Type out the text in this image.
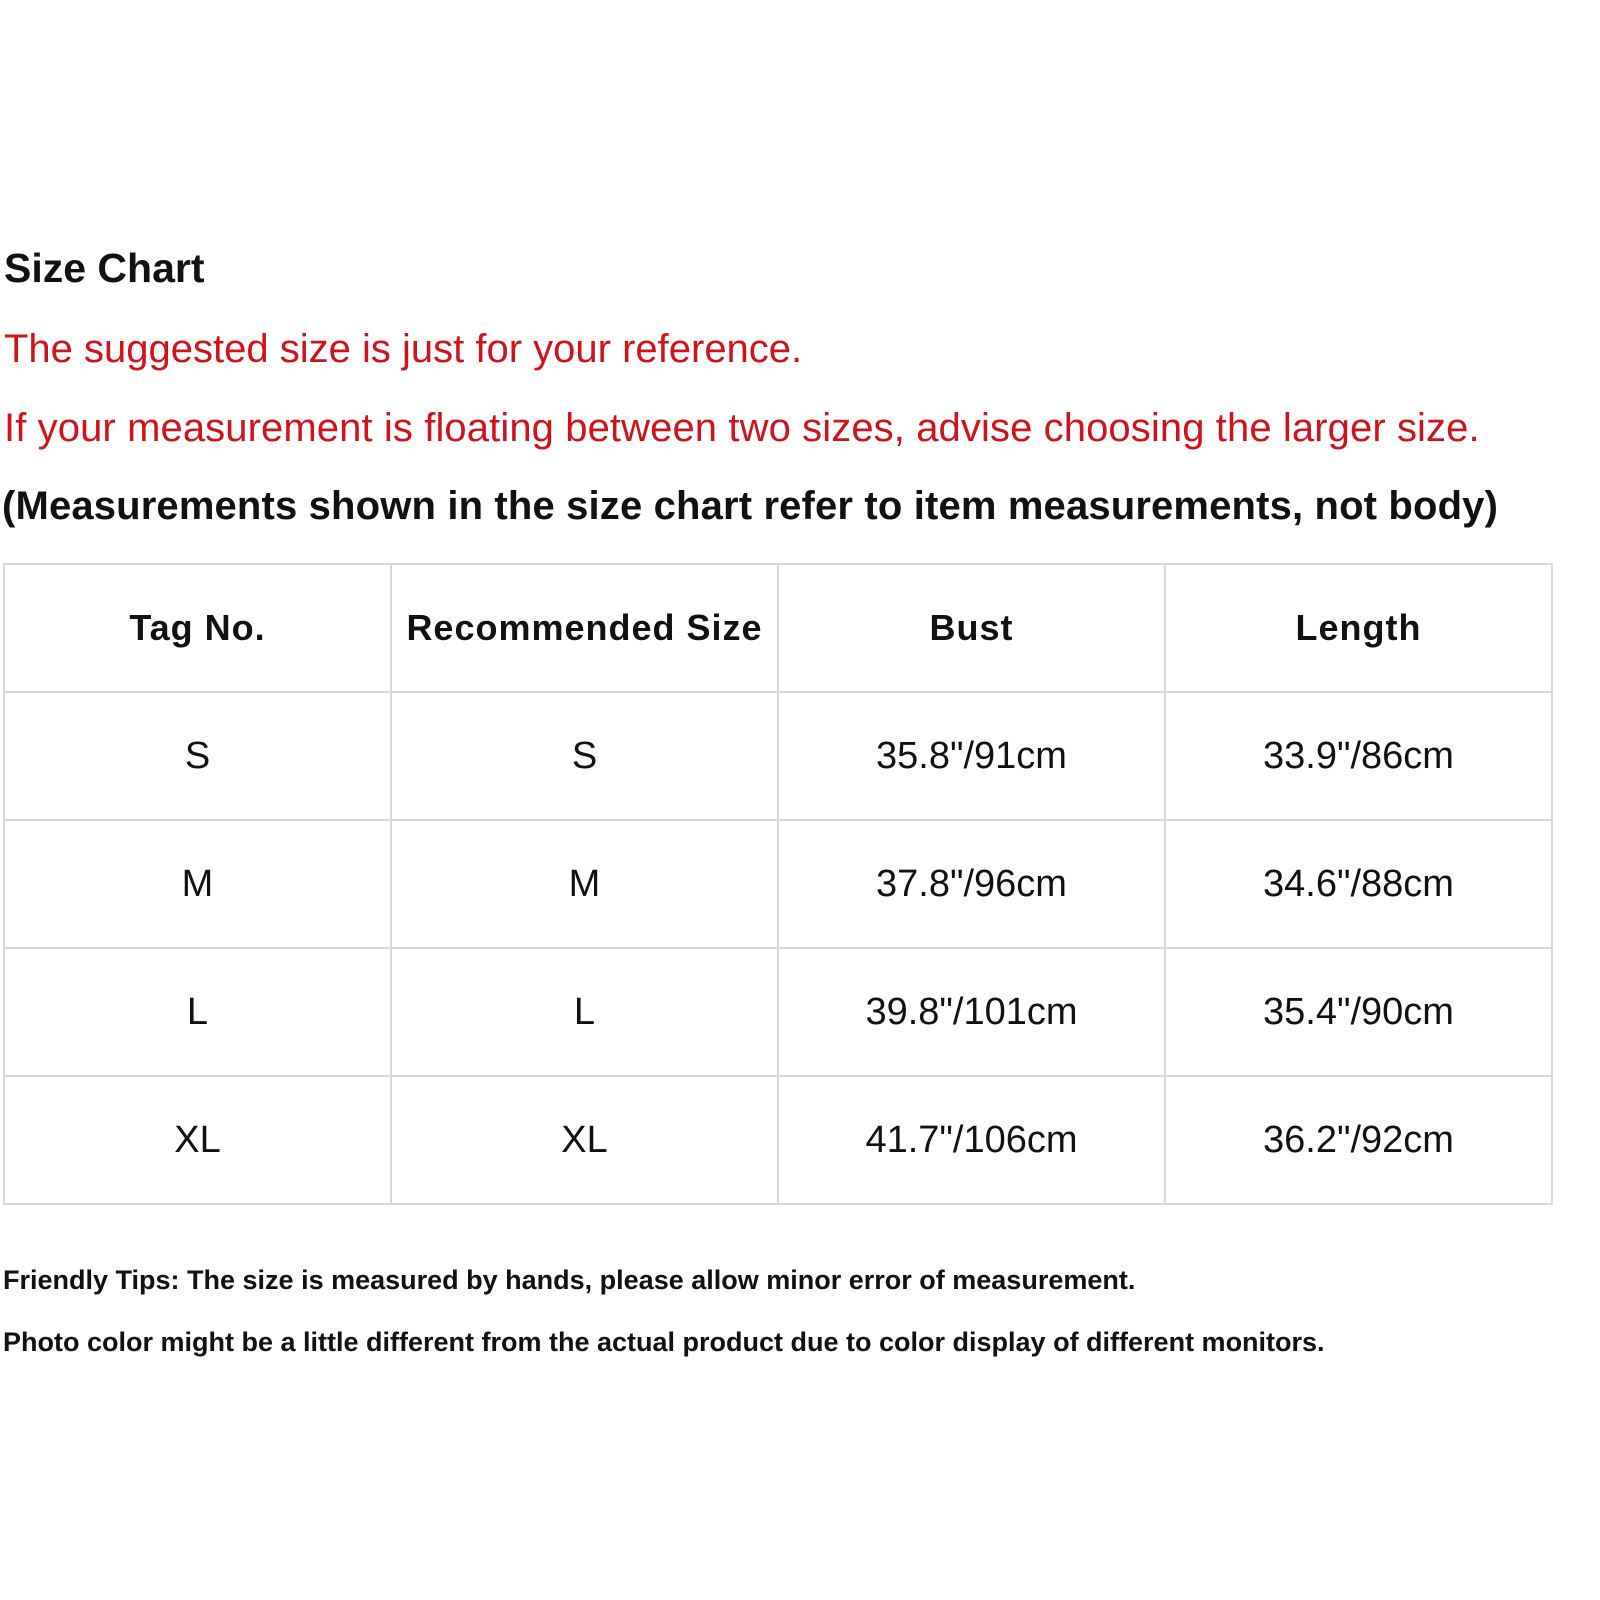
Size Chart
The suggested size is just for your reference.
If your measurement is floating between two sizes, advise choosing the larger size.
(Measurements shown in the size chart refer to item measurements, not body)
Tag No.	Recommended Size	Bust	Length
S	S	35.8"/91cm	33.9"/86cm
M	M	37.8"/96cm	34.6"/88cm
L	L	39.8"/101cm	35.4"/90cm
XL	XL	41.7"/106cm	36.2"/92cm
Friendly Tips: The size is measured by hands, please allow minor error of measurement.
Photo color might be a little different from the actual product due to color display of different monitors.
